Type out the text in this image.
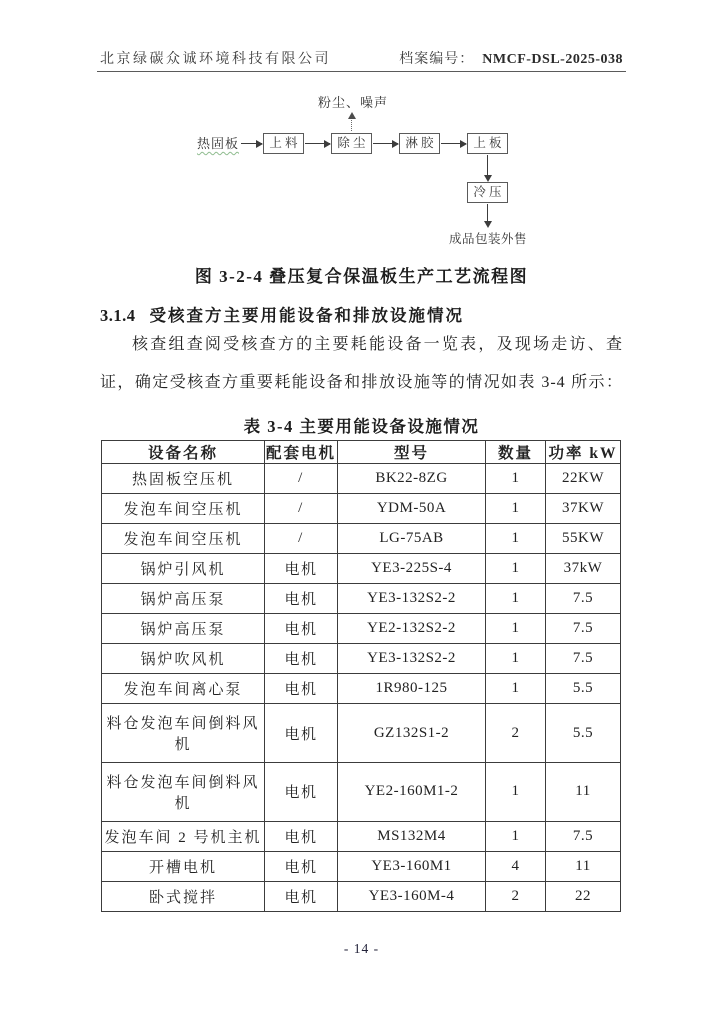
北京绿碳众诚环境科技有限公司	档案编号： NMCF-DSL-2025-038
粉尘、噪声
热固板	上 料	除 尘	淋 胶	上 板
冷 压
成品包装外售
图 3-2-4 叠压复合保温板生产工艺流程图
3.1.4 受核查方主要用能设备和排放设施情况
核查组查阅受核查方的主要耗能设备一览表，及现场走访、查
证，确定受核查方重要耗能设备和排放设施等的情况如表 3-4 所示：
表 3-4 主要用能设备设施情况
设备名称	配套电机	型号	数量	功率 kW
热固板空压机	/	BK22-8ZG	1	22KW
发泡车间空压机	/	YDM-50A	1	37KW
发泡车间空压机	/	LG-75AB	1	55KW
锅炉引风机	电机	YE3-225S-4	1	37kW
锅炉高压泵	电机	YE3-132S2-2	1	7.5
锅炉高压泵	电机	YE2-132S2-2	1	7.5
锅炉吹风机	电机	YE3-132S2-2	1	7.5
发泡车间离心泵	电机	1R980-125	1	5.5
料仓发泡车间倒料风机	电机	GZ132S1-2	2	5.5
料仓发泡车间倒料风机	电机	YE2-160M1-2	1	11
发泡车间 2 号机主机	电机	MS132M4	1	7.5
开槽电机	电机	YE3-160M1	4	11
卧式搅拌	电机	YE3-160M-4	2	22
- 14 -
